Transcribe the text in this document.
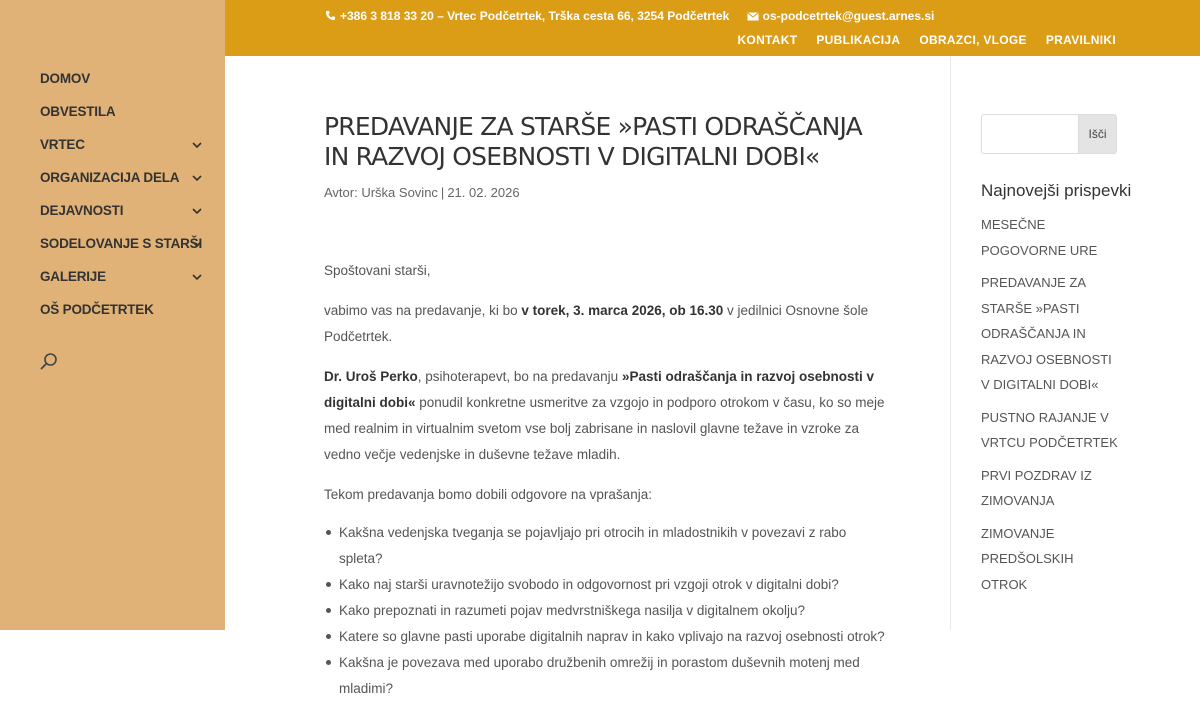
DOMOV
OBVESTILA
VRTEC
ORGANIZACIJA DELA
DEJAVNOSTI
SODELOVANJE S STARŠI
GALERIJE
OŠ PODČETRTEK
+386 3 818 33 20 – Vrtec Podčetrtek, Trška cesta 66, 3254 Podčetrtek	os-podcetrtek@guest.arnes.si
KONTAKT PUBLIKACIJA OBRAZCI, VLOGE PRAVILNIKI
PREDAVANJE ZA STARŠE »PASTI ODRAŠČANJA IN RAZVOJ OSEBNOSTI V DIGITALNI DOBI«
Avtor: Urška Sovinc | 21. 02. 2026

Spoštovani starši,

vabimo vas na predavanje, ki bo v torek, 3. marca 2026, ob 16.30 v jedilnici Osnovne šole Podčetrtek.

Dr. Uroš Perko, psihoterapevt, bo na predavanju »Pasti odraščanja in razvoj osebnosti v digitalni dobi« ponudil konkretne usmeritve za vzgojo in podporo otrokom v času, ko so meje med realnim in virtualnim svetom vse bolj zabrisane in naslovil glavne težave in vzroke za vedno večje vedenjske in duševne težave mladih.

Tekom predavanja bomo dobili odgovore na vprašanja:

Kakšna vedenjska tveganja se pojavljajo pri otrocih in mladostnikih v povezavi z rabo spleta?
Kako naj starši uravnotežijo svobodo in odgovornost pri vzgoji otrok v digitalni dobi?
Kako prepoznati in razumeti pojav medvrstniškega nasilja v digitalnem okolju?
Katere so glavne pasti uporabe digitalnih naprav in kako vplivajo na razvoj osebnosti otrok?
Kakšna je povezava med uporabo družbenih omrežij in porastom duševnih motenj med mladimi?
Išči
Najnovejši prispevki
MESEČNE POGOVORNE URE
PREDAVANJE ZA STARŠE »PASTI ODRAŠČANJA IN RAZVOJ OSEBNOSTI V DIGITALNI DOBI«
PUSTNO RAJANJE V VRTCU PODČETRTEK
PRVI POZDRAV IZ ZIMOVANJA
ZIMOVANJE PREDŠOLSKIH OTROK
